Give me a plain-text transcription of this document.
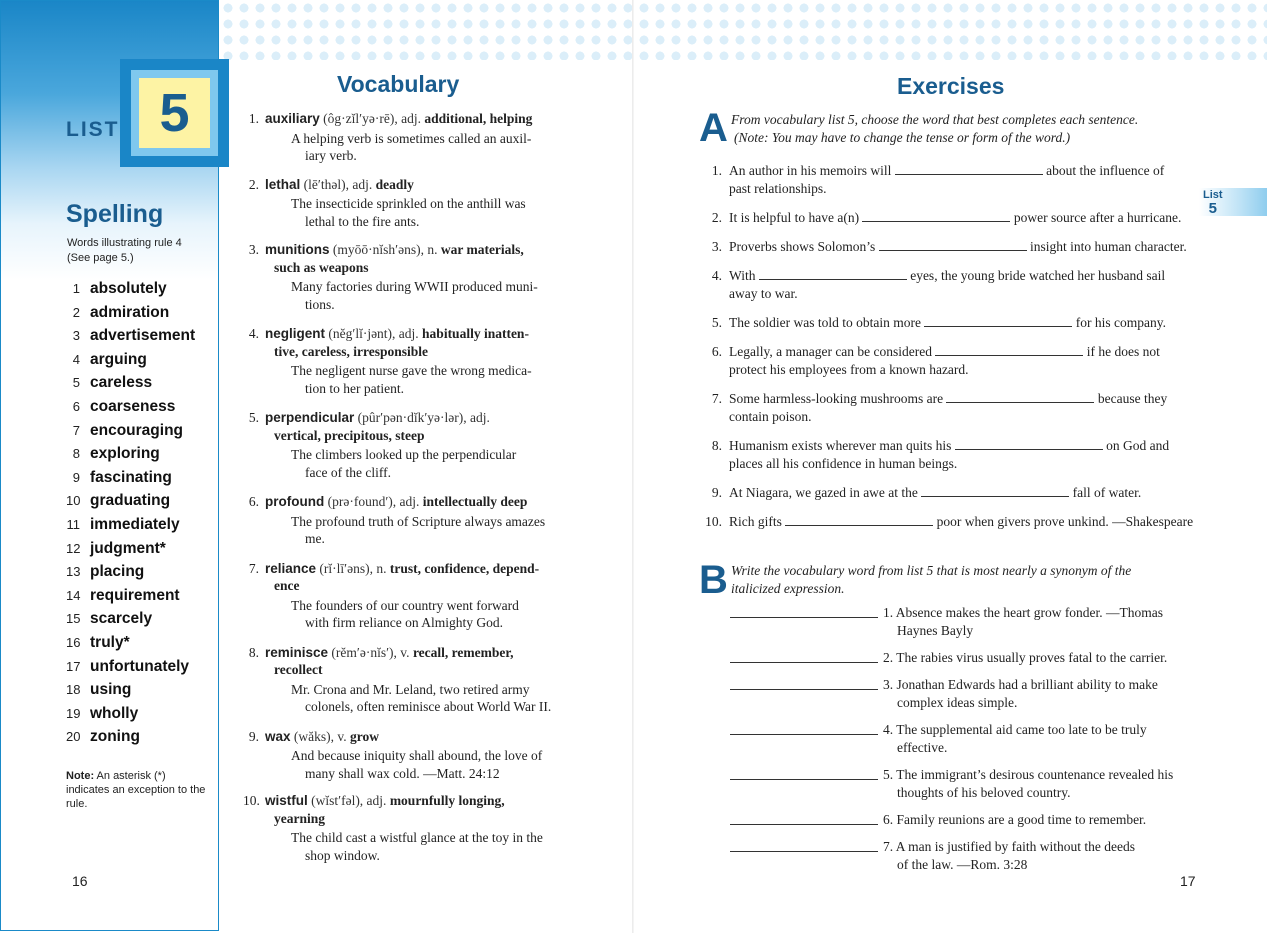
LIST 5
Spelling
Words illustrating rule 4
(See page 5.)
1 absolutely
2 admiration
3 advertisement
4 arguing
5 careless
6 coarseness
7 encouraging
8 exploring
9 fascinating
10 graduating
11 immediately
12 judgment*
13 placing
14 requirement
15 scarcely
16 truly*
17 unfortunately
18 using
19 wholly
20 zoning
Note: An asterisk (*) indicates an exception to the rule.
16
Vocabulary
1. auxiliary (ôg·zĭl′yə·rē), adj. additional, helping
A helping verb is sometimes called an auxil-
iary verb.
2. lethal (lē′thəl), adj. deadly
The insecticide sprinkled on the anthill was
lethal to the fire ants.
3. munitions (myōō·nĭsh′əns), n. war materials,
such as weapons
Many factories during WWII produced muni-
tions.
4. negligent (nĕg′lĭ·jənt), adj. habitually inatten-
tive, careless, irresponsible
The negligent nurse gave the wrong medica-
tion to her patient.
5. perpendicular (pûr′pən·dĭk′yə·lər), adj.
vertical, precipitous, steep
The climbers looked up the perpendicular
face of the cliff.
6. profound (prə·found′), adj. intellectually deep
The profound truth of Scripture always amazes
me.
7. reliance (rĭ·lī′əns), n. trust, confidence, depend-
ence
The founders of our country went forward
with firm reliance on Almighty God.
8. reminisce (rĕm′ə·nĭs′), v. recall, remember,
recollect
Mr. Crona and Mr. Leland, two retired army
colonels, often reminisce about World War II.
9. wax (wăks), v. grow
And because iniquity shall abound, the love of
many shall wax cold. —Matt. 24:12
10. wistful (wĭst′fəl), adj. mournfully longing,
yearning
The child cast a wistful glance at the toy in the
shop window.
Exercises
List
5
A From vocabulary list 5, choose the word that best completes each sentence.
(Note: You may have to change the tense or form of the word.)
1. An author in his memoirs will	about the influence of
past relationships.
2. It is helpful to have a(n)	power source after a hurricane.
3. Proverbs shows Solomon’s	insight into human character.
4. With	eyes, the young bride watched her husband sail
away to war.
5. The soldier was told to obtain more	for his company.
6. Legally, a manager can be considered	if he does not
protect his employees from a known hazard.
7. Some harmless-looking mushrooms are	because they
contain poison.
8. Humanism exists wherever man quits his	on God and
places all his confidence in human beings.
9. At Niagara, we gazed in awe at the	fall of water.
10. Rich gifts	poor when givers prove unkind. —Shakespeare
B Write the vocabulary word from list 5 that is most nearly a synonym of the
italicized expression.
1. Absence makes the heart grow fonder. —Thomas
Haynes Bayly
2. The rabies virus usually proves fatal to the carrier.
3. Jonathan Edwards had a brilliant ability to make
complex ideas simple.
4. The supplemental aid came too late to be truly
effective.
5. The immigrant’s desirous countenance revealed his
thoughts of his beloved country.
6. Family reunions are a good time to remember.
7. A man is justified by faith without the deeds
of the law. —Rom. 3:28
17
